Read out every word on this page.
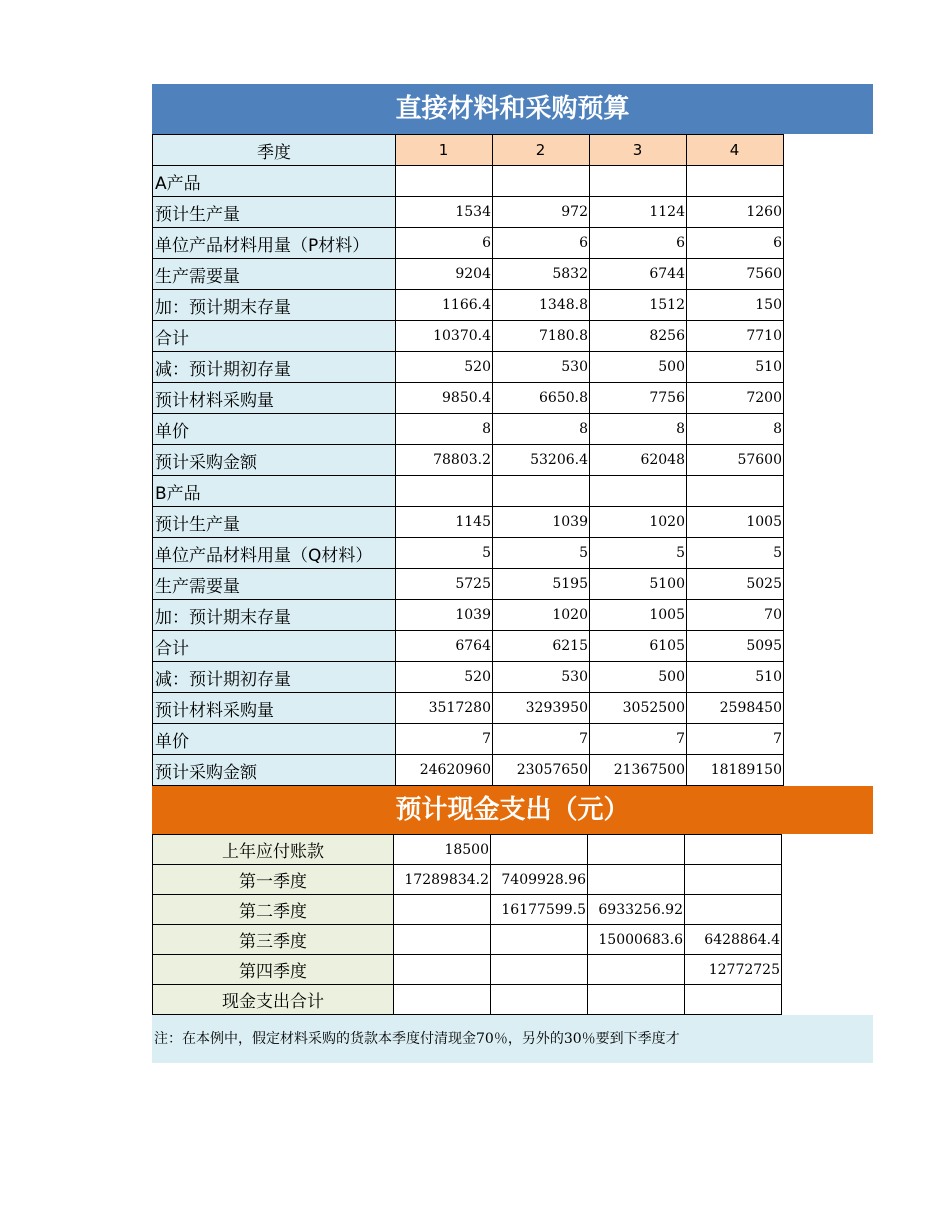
直接材料和采购预算
季度	1	2	3	4
A产品				
预计生产量	1534	972	1124	1260
单位产品材料用量（P材料）	6	6	6	6
生产需要量	9204	5832	6744	7560
加：预计期末存量	1166.4	1348.8	1512	150
合计	10370.4	7180.8	8256	7710
减：预计期初存量	520	530	500	510
预计材料采购量	9850.4	6650.8	7756	7200
单价	8	8	8	8
预计采购金额	78803.2	53206.4	62048	57600
B产品				
预计生产量	1145	1039	1020	1005
单位产品材料用量（Q材料）	5	5	5	5
生产需要量	5725	5195	5100	5025
加：预计期末存量	1039	1020	1005	70
合计	6764	6215	6105	5095
减：预计期初存量	520	530	500	510
预计材料采购量	3517280	3293950	3052500	2598450
单价	7	7	7	7
预计采购金额	24620960	23057650	21367500	18189150
预计现金支出（元）
上年应付账款	18500			
第一季度	17289834.2	7409928.96		
第二季度		16177599.5	6933256.92	
第三季度			15000683.6	6428864.4
第四季度				12772725
现金支出合计				
注：在本例中，假定材料采购的货款本季度付清现金70％，另外的30％要到下季度才
